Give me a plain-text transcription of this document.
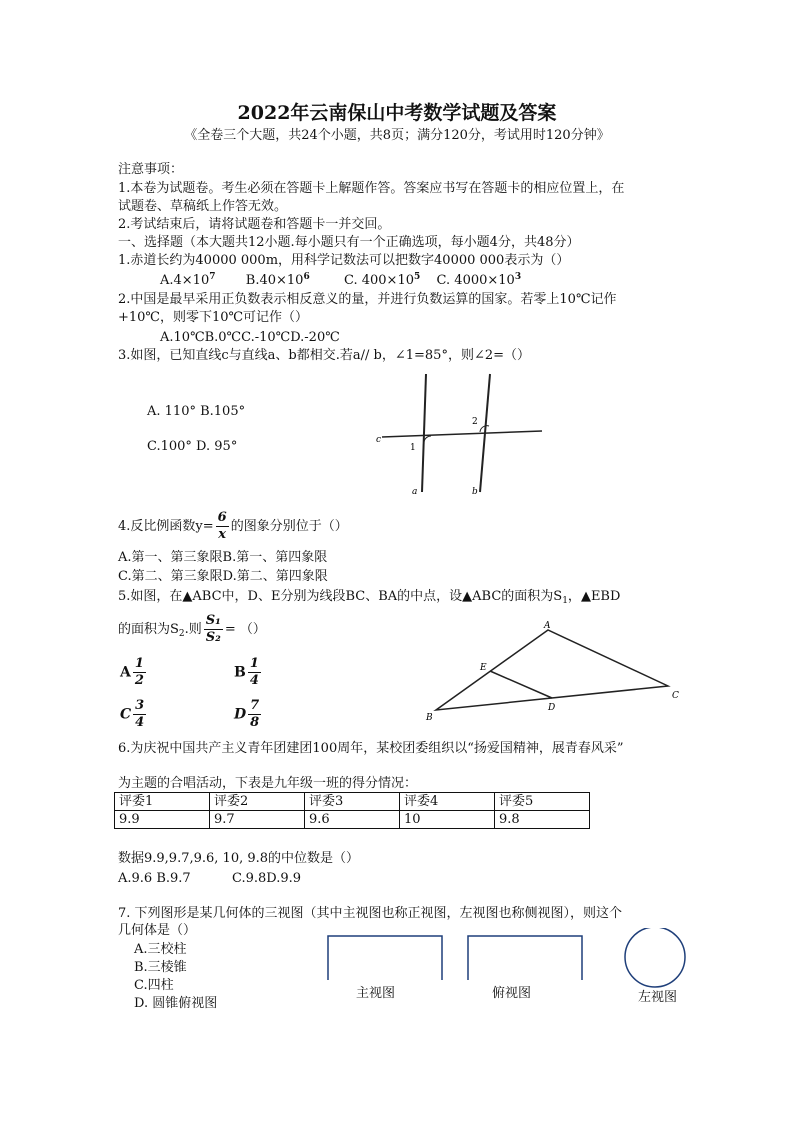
2022年云南保山中考数学试题及答案
《全卷三个大题，共24个小题，共8页；满分120分，考试用时120分钟》
注意事项：
1.本卷为试题卷。考生必须在答题卡上解题作答。答案应书写在答题卡的相应位置上，在
试题卷、草稿纸上作答无效。
2.考试结束后，请将试题卷和答题卡一并交回。
一、选择题（本大题共12小题.每小题只有一个正确选项，每小题4分，共48分）
1.赤道长约为40000 000m，用科学记数法可以把数字40000 000表示为（）
$A.4\times 10^7$ $B.40\times 10^6$	C. $400\times 10^5$ C. $4000\times 10^3$
2.中国是最早采用正负数表示相反意义的量，并进行负数运算的国家。若零上10℃记作
+10℃，则零下10℃可记作（）
A.10℃B.0℃C.-10℃D.-20℃
3.如图，已知直线c与直线a、b都相交.若a// b，∠1=85°，则∠2=（）
A. 110° B.105°
C.100° D. 95°	c
1
2
a	b
4.反比例函数$y= \frac{6}{x}$ 的图象分别位于（）
A.第一、第三象限B.第一、第四象限
C.第二、第三象限D.第二、第四象限
5.如图，在▲ABC中，D、E分别为线段BC、BA的中点，设▲ABC的面积为$S_1$，▲EBD
的面积为$S_2$.则 $\frac{\text{S₁}}{\text{S₂}}$ = （）
A $\frac{1}{2}$	B $\frac{1}{4}$
C $\frac{3}{4}$	D $\frac{7}{8}$
A
B
C
D
E
6.为庆祝中国共产主义青年团建团100周年，某校团委组织以“扬爱国精神，展青春风采”
为主题的合唱活动，下表是九年级一班的得分情况：
评委1	评委2	评委3	评委4	评委5
9.9	9.7	9.6	10	9.8
数据9.9,9.7,9.6, 10, 9.8的中位数是（）
A.9.6 B.9.7          C.9.8D.9.9
7. 下列图形是某几何体的三视图（其中主视图也称正视图，左视图也称侧视图），则这个
几何体是（）
A.三校柱
B.三棱锥
C.四柱
D. 圆锥俯视图
主视图	俯视图	左视图
